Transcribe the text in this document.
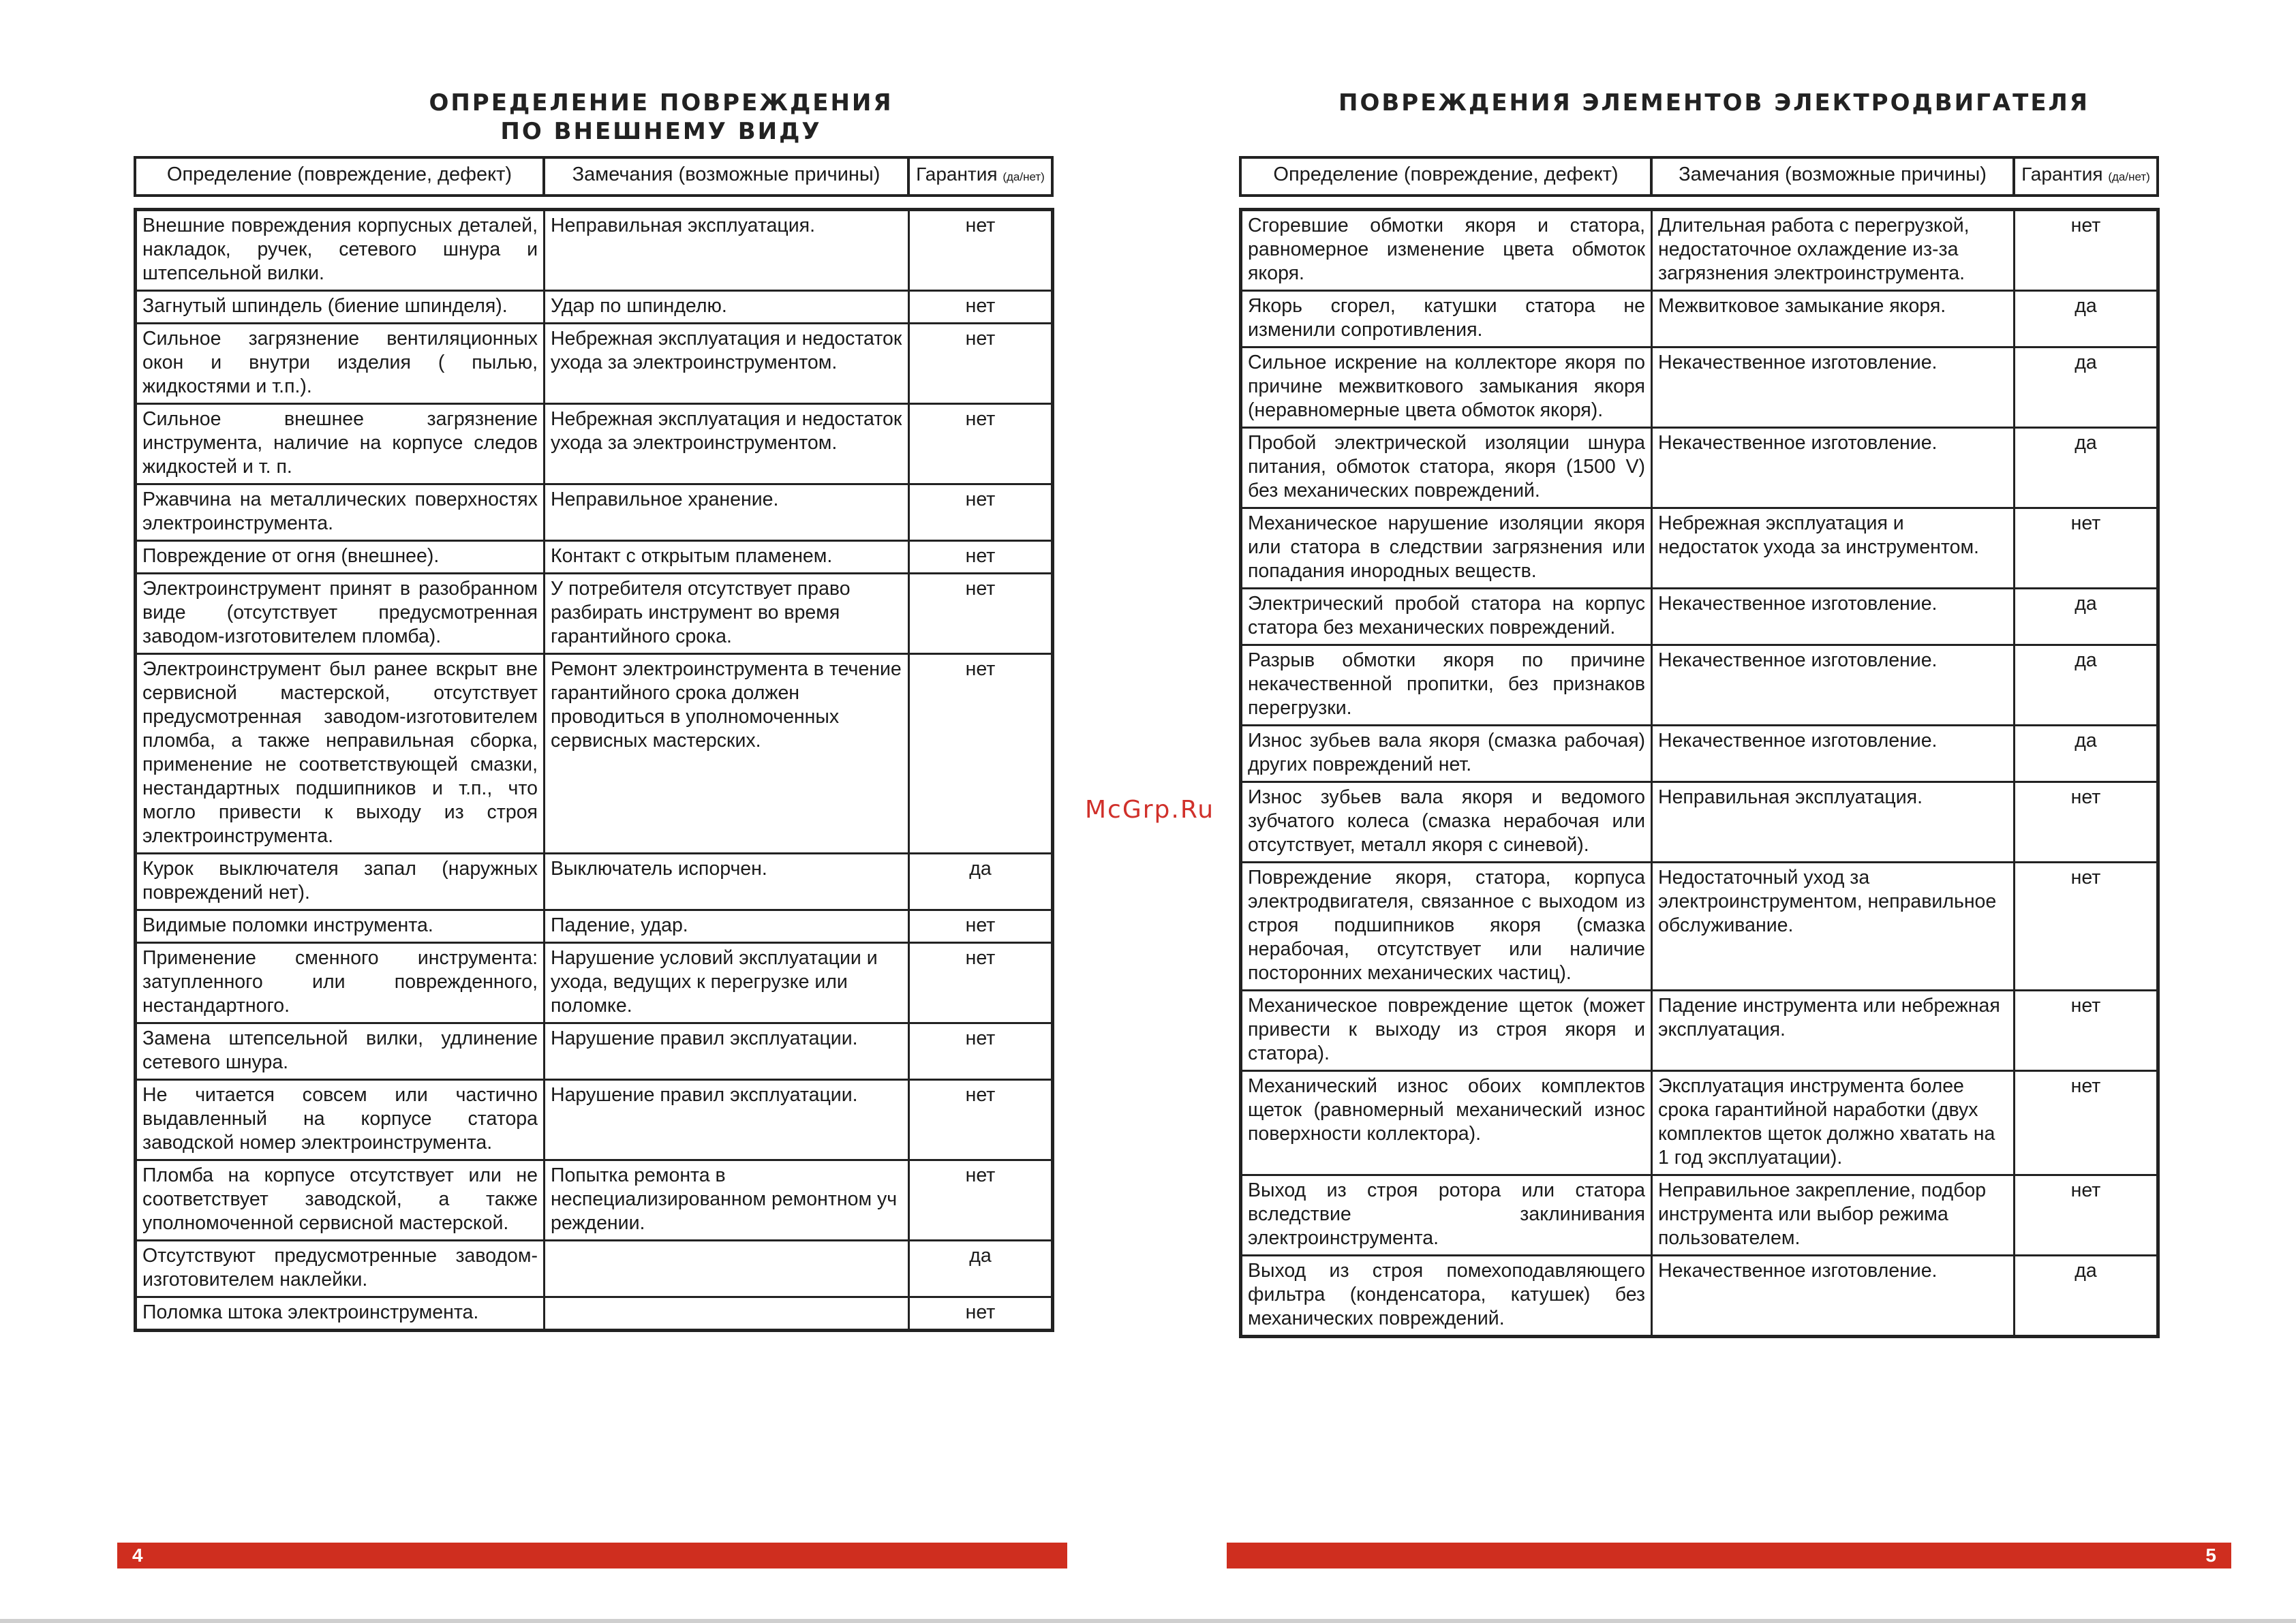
ОПРЕДЕЛЕНИЕ ПОВРЕЖДЕНИЯ
ПО ВНЕШНЕМУ ВИДУ
Определение (повреждение, дефект)	Замечания (возможные причины)	Гарантия (да/нет)
Внешние повреждения корпусных деталей, накладок, ручек, сетевого шнура и штепсельной вилки.	Неправильная эксплуатация.	нет
Загнутый шпиндель (биение шпинделя).	Удар по шпинделю.	нет
Сильное загрязнение вентиляционных окон и внутри изделия ( пылью, жидкостями и т.п.).	Небрежная эксплуатация и недостаток ухода за электроинструментом.	нет
Сильное внешнее загрязнение инструмента, наличие на корпусе следов жидкостей и т. п.	Небрежная эксплуатация и недостаток ухода за электроинструментом.	нет
Ржавчина на металлических поверхностях электроинструмента.	Неправильное хранение.	нет
Повреждение от огня (внешнее).	Контакт с открытым пламенем.	нет
Электроинструмент принят в разобранном виде (отсутствует предусмотренная заводом-изготовителем пломба).	У потребителя отсутствует право разбирать инструмент во время гарантийного срока.	нет
Электроинструмент был ранее вскрыт вне сервисной мастерской, отсутствует предусмотренная заводом-изготовителем пломба, а также неправильная сборка, применение не соответствующей смазки, нестандартных подшипников и т.п., что могло привести к выходу из строя электроинструмента.	Ремонт электроинструмента в течение гарантийного срока должен проводиться в уполномоченных сервисных мастерских.	нет
Курок выключателя запал (наружных повреждений нет).	Выключатель испорчен.	да
Видимые поломки инструмента.	Падение, удар.	нет
Применение сменного инструмента: затупленного или поврежденного, нестандартного.	Нарушение условий эксплуатации и ухода, ведущих к перегрузке или поломке.	нет
Замена штепсельной вилки, удлинение сетевого шнура.	Нарушение правил эксплуатации.	нет
Не читается совсем или частично выдавленный на корпусе статора заводской номер электроинструмента.	Нарушение правил эксплуатации.	нет
Пломба на корпусе отсутствует или не соответствует заводской, а также уполномоченной сервисной мастерской.	Попытка ремонта в неспециализированном ремонтном уч реждении.	нет
Отсутствуют предусмотренные заводом-изготовителем наклейки.		да
Поломка штока электроинструмента.		нет
4
McGrp.Ru
ПОВРЕЖДЕНИЯ ЭЛЕМЕНТОВ ЭЛЕКТРОДВИГАТЕЛЯ
Определение (повреждение, дефект)	Замечания (возможные причины)	Гарантия (да/нет)
Сгоревшие обмотки якоря и статора, равномерное изменение цвета обмоток якоря.	Длительная работа с перегрузкой, недостаточное охлаждение из-за загрязнения электроинструмента.	нет
Якорь сгорел, катушки статора не изменили сопротивления.	Межвитковое замыкание якоря.	да
Сильное искрение на коллекторе якоря по причине межвиткового замыкания якоря (неравномерные цвета обмоток якоря).	Некачественное изготовление.	да
Пробой электрической изоляции шнура питания, обмоток статора, якоря (1500 V) без механических повреждений.	Некачественное изготовление.	да
Механическое нарушение изоляции якоря или статора в следствии загрязнения или попадания инородных веществ.	Небрежная эксплуатация и недостаток ухода за инструментом.	нет
Электрический пробой статора на корпус статора без механических повреждений.	Некачественное изготовление.	да
Разрыв обмотки якоря по причине некачественной пропитки, без признаков перегрузки.	Некачественное изготовление.	да
Износ зубьев вала якоря (смазка рабочая) других повреждений нет.	Некачественное изготовление.	да
Износ зубьев вала якоря и ведомого зубчатого колеса (смазка нерабочая или отсутствует, металл якоря с синевой).	Неправильная эксплуатация.	нет
Повреждение якоря, статора, корпуса электродвигателя, связанное с выходом из строя подшипников якоря (смазка нерабочая, отсутствует или наличие посторонних механических частиц).	Недостаточный уход за электроинструментом, неправильное обслуживание.	нет
Механическое повреждение щеток (может привести к выходу из строя якоря и статора).	Падение инструмента или небрежная эксплуатация.	нет
Механический износ обоих комплектов щеток (равномерный механический износ поверхности коллектора).	Эксплуатация инструмента более срока гарантийной наработки (двух комплектов щеток должно хватать на 1 год эксплуатации).	нет
Выход из строя ротора или статора вследствие заклинивания электроинструмента.	Неправильное закрепление, подбор инструмента или выбор режима пользователем.	нет
Выход из строя помехоподавляющего фильтра (конденсатора, катушек) без механических повреждений.	Некачественное изготовление.	да
5
